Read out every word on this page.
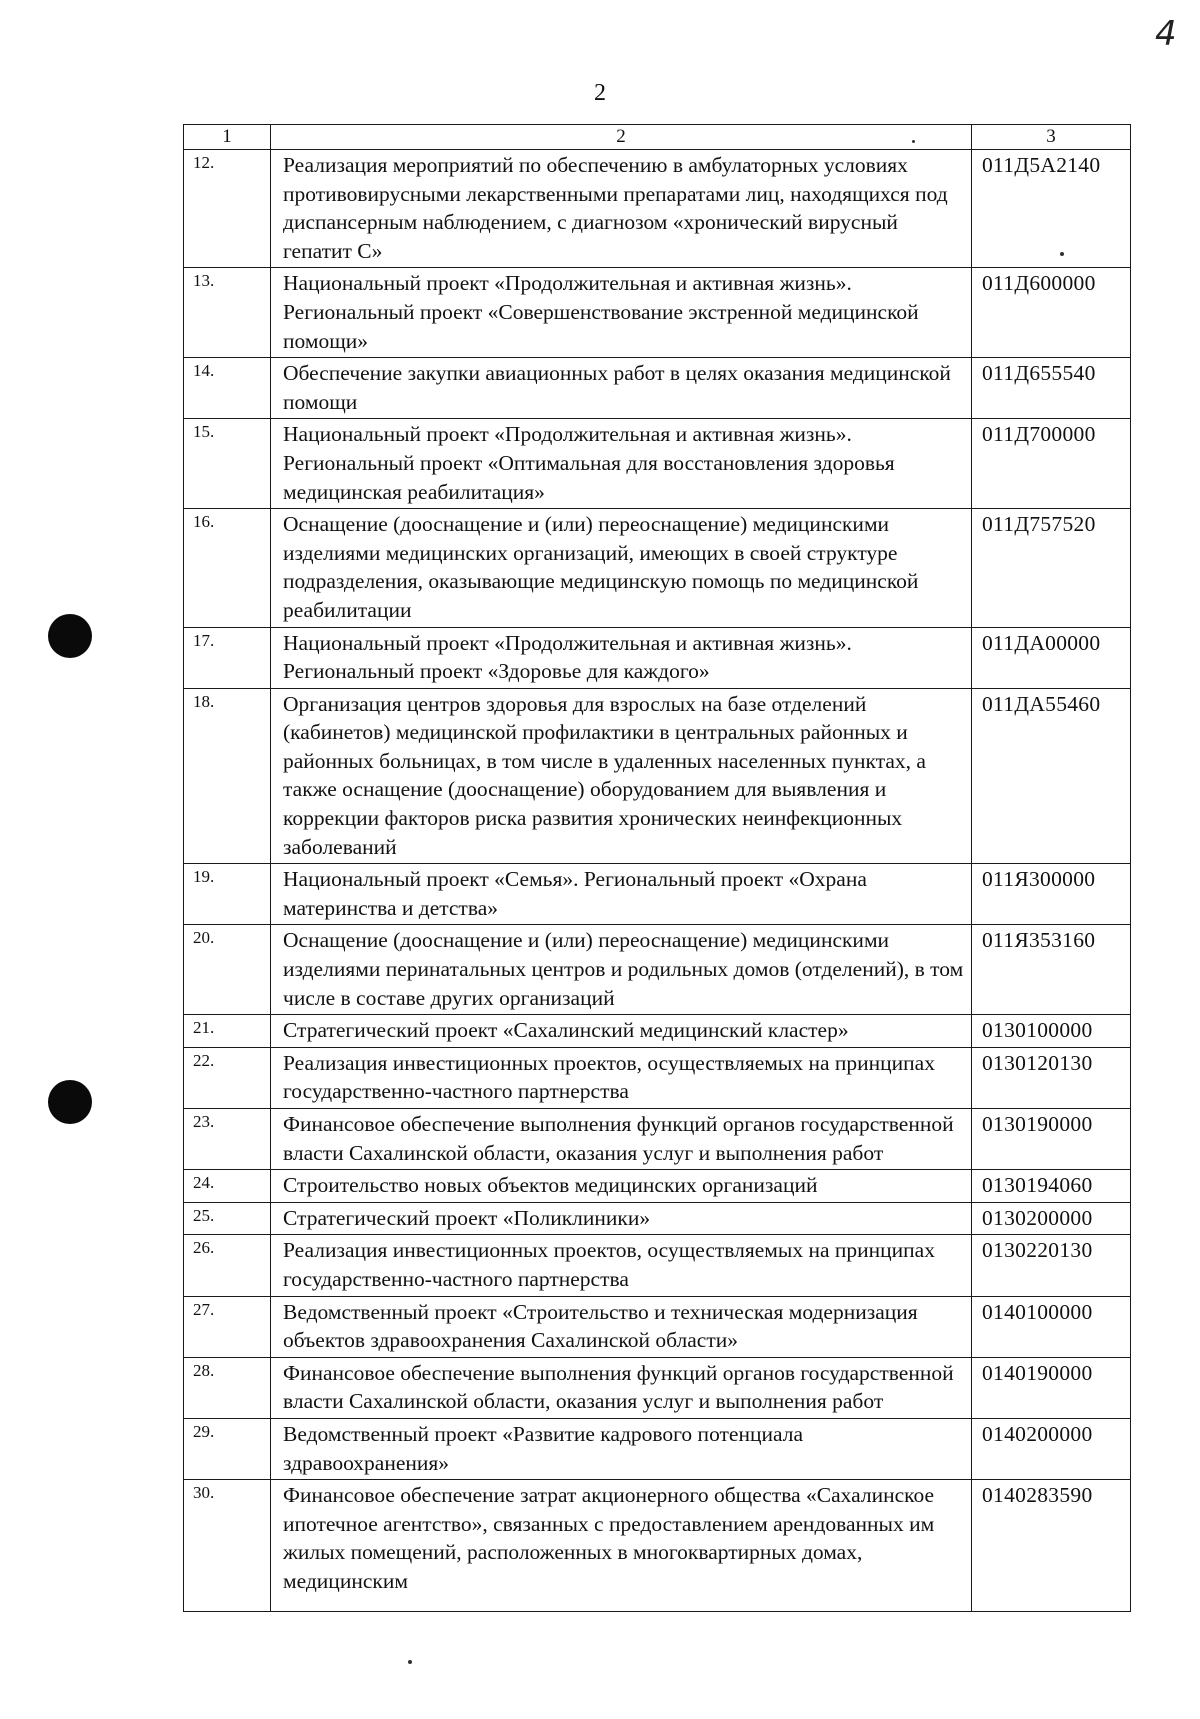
4
2
1	2	3
12.	Реализация мероприятий по обеспечению в амбулаторных условиях противовирусными лекарственными препаратами лиц, находящихся под диспансерным наблюдением, с диагнозом «хронический вирусный гепатит С»	011Д5А2140
13.	Национальный проект «Продолжительная и активная жизнь». Региональный проект «Совершенствование экстренной медицинской помощи»	011Д600000
14.	Обеспечение закупки авиационных работ в целях оказания медицинской помощи	011Д655540
15.	Национальный проект «Продолжительная и активная жизнь». Региональный проект «Оптимальная для восстановления здоровья медицинская реабилитация»	011Д700000
16.	Оснащение (дооснащение и (или) переоснащение) медицинскими изделиями медицинских организаций, имеющих в своей структуре подразделения, оказывающие медицинскую помощь по медицинской реабилитации	011Д757520
17.	Национальный проект «Продолжительная и активная жизнь». Региональный проект «Здоровье для каждого»	011ДА00000
18.	Организация центров здоровья для взрослых на базе отделений (кабинетов) медицинской профилактики в центральных районных и районных больницах, в том числе в удаленных населенных пунктах, а также оснащение (дооснащение) оборудованием для выявления и коррекции факторов риска развития хронических неинфекционных заболеваний	011ДА55460
19.	Национальный проект «Семья». Региональный проект «Охрана материнства и детства»	011Я300000
20.	Оснащение (дооснащение и (или) переоснащение) медицинскими изделиями перинатальных центров и родильных домов (отделений), в том числе в составе других организаций	011Я353160
21.	Стратегический проект «Сахалинский медицинский кластер»	0130100000
22.	Реализация инвестиционных проектов, осуществляемых на принципах государственно-частного партнерства	0130120130
23.	Финансовое обеспечение выполнения функций органов государственной власти Сахалинской области, оказания услуг и выполнения работ	0130190000
24.	Строительство новых объектов медицинских организаций	0130194060
25.	Стратегический проект «Поликлиники»	0130200000
26.	Реализация инвестиционных проектов, осуществляемых на принципах государственно-частного партнерства	0130220130
27.	Ведомственный проект «Строительство и техническая модернизация объектов здравоохранения Сахалинской области»	0140100000
28.	Финансовое обеспечение выполнения функций органов государственной власти Сахалинской области, оказания услуг и выполнения работ	0140190000
29.	Ведомственный проект «Развитие кадрового потенциала здравоохранения»	0140200000
30.	Финансовое обеспечение затрат акционерного общества «Сахалинское ипотечное агентство», связанных с предоставлением арендованных им жилых помещений, расположенных в многоквартирных домах, медицинским	0140283590
